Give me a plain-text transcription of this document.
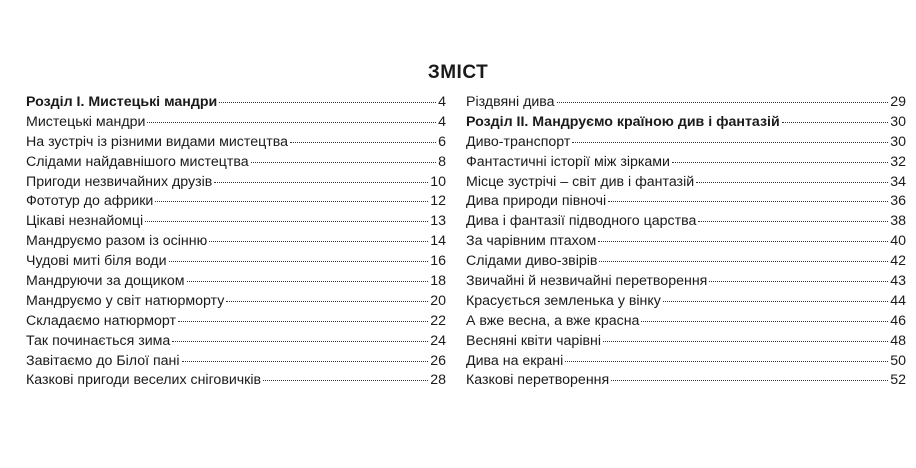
ЗМІСТ
Розділ І. Мистецькі мандри	4
Мистецькі мандри	4
На зустріч із різними видами мистецтва	6
Слідами найдавнішого мистецтва	8
Пригоди незвичайних друзів	10
Фототур до африки	12
Цікаві незнайомці	13
Мандруємо разом із осінню	14
Чудові миті біля води	16
Мандруючи за дощиком	18
Мандруємо у світ натюрморту	20
Складаємо натюрморт	22
Так починається зима	24
Завітаємо до Білої пані	26
Казкові пригоди веселих сніговичків	28
Різдвяні дива	29
Розділ ІІ. Мандруємо країною див і фантазій	30
Диво-транспорт	30
Фантастичні історії між зірками	32
Місце зустрічі – світ див і фантазій	34
Дива природи півночі	36
Дива і фантазії підводного царства	38
За чарівним птахом	40
Слідами диво-звірів	42
Звичайні й незвичайні перетворення	43
Красується земленька у вінку	44
А вже весна, а вже красна	46
Весняні квіти чарівні	48
Дива на екрані	50
Казкові перетворення	52
